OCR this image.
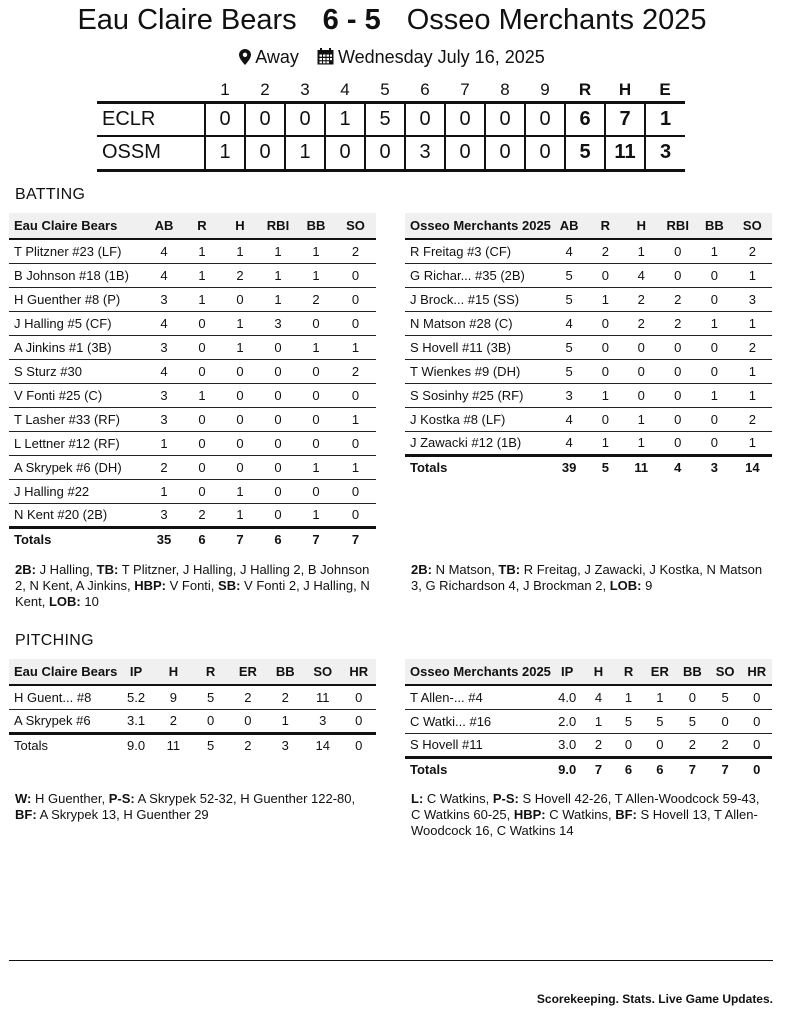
Eau Claire Bears 6 - 5 Osseo Merchants 2025
Away Wednesday July 16, 2025
	1	2	3	4	5	6	7	8	9	R	H	E
ECLR	0	0	0	1	5	0	0	0	0	6	7	1
OSSM	1	0	1	0	0	3	0	0	0	5	11	3
BATTING
Eau Claire Bears	AB	R	H	RBI	BB	SO
T Plitzner #23 (LF)	4	1	1	1	1	2
B Johnson #18 (1B)	4	1	2	1	1	0
H Guenther #8 (P)	3	1	0	1	2	0
J Halling #5 (CF)	4	0	1	3	0	0
A Jinkins #1 (3B)	3	0	1	0	1	1
S Sturz #30	4	0	0	0	0	2
V Fonti #25 (C)	3	1	0	0	0	0
T Lasher #33 (RF)	3	0	0	0	0	1
L Lettner #12 (RF)	1	0	0	0	0	0
A Skrypek #6 (DH)	2	0	0	0	1	1
J Halling #22	1	0	1	0	0	0
N Kent #20 (2B)	3	2	1	0	1	0
Totals	35	6	7	6	7	7
Osseo Merchants 2025	AB	R	H	RBI	BB	SO
R Freitag #3 (CF)	4	2	1	0	1	2
G Richar... #35 (2B)	5	0	4	0	0	1
J Brock... #15 (SS)	5	1	2	2	0	3
N Matson #28 (C)	4	0	2	2	1	1
S Hovell #11 (3B)	5	0	0	0	0	2
T Wienkes #9 (DH)	5	0	0	0	0	1
S Sosinhy #25 (RF)	3	1	0	0	1	1
J Kostka #8 (LF)	4	0	1	0	0	2
J Zawacki #12 (1B)	4	1	1	0	0	1
Totals	39	5	11	4	3	14
2B: J Halling, TB: T Plitzner, J Halling, J Halling 2, B Johnson 2, N Kent, A Jinkins, HBP: V Fonti, SB: V Fonti 2, J Halling, N Kent, LOB: 10
2B: N Matson, TB: R Freitag, J Zawacki, J Kostka, N Matson 3, G Richardson 4, J Brockman 2, LOB: 9
PITCHING
Eau Claire Bears	IP	H	R	ER	BB	SO	HR
H Guent... #8	5.2	9	5	2	2	11	0
A Skrypek #6	3.1	2	0	0	1	3	0
Totals	9.0	11	5	2	3	14	0
Osseo Merchants 2025	IP	H	R	ER	BB	SO	HR
T Allen-... #4	4.0	4	1	1	0	5	0
C Watki... #16	2.0	1	5	5	5	0	0
S Hovell #11	3.0	2	0	0	2	2	0
Totals	9.0	7	6	6	7	7	0
W: H Guenther, P-S: A Skrypek 52-32, H Guenther 122-80, BF: A Skrypek 13, H Guenther 29
L: C Watkins, P-S: S Hovell 42-26, T Allen-Woodcock 59-43, C Watkins 60-25, HBP: C Watkins, BF: S Hovell 13, T Allen-Woodcock 16, C Watkins 14
Scorekeeping. Stats. Live Game Updates.
